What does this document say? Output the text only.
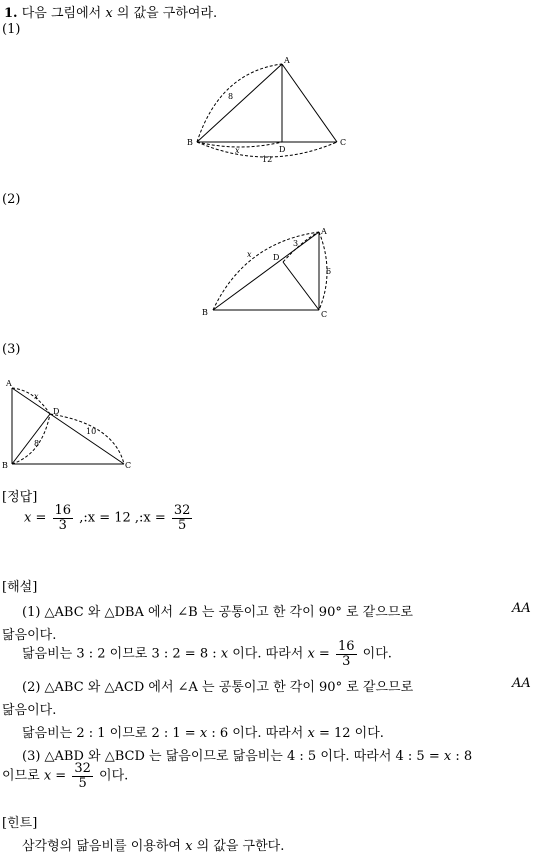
1. 다음 그림에서 x 의 값을 구하여라.
(1)
A
B	C
D
8
x
12
(2)
A
B	C
D
x
3
6
(3)
A
B	C
D
x
8
10
[정답]
$x = \frac{16}{3}$ ,:x = 12 ,:x = $\frac{32}{5}$
[해설]
(1) △ABC 와 △DBA 에서 ∠B 는 공통이고 한 각이 90° 로 같으므로	AA
닮음이다.
닮음비는 3 : 2 이므로 3 : 2 = 8 : x 이다. 따라서 $x = \frac{16}{3}$ 이다.
(2) △ABC 와 △ACD 에서 ∠A 는 공통이고 한 각이 90° 로 같으므로	AA
닮음이다.
닮음비는 2 : 1 이므로 2 : 1 = x : 6 이다. 따라서 x = 12 이다.
(3) △ABD 와 △BCD 는 닮음이므로 닮음비는 4 : 5 이다. 따라서 4 : 5 = x : 8
이므로 $x = \frac{32}{5}$ 이다.
[힌트]
삼각형의 닮음비를 이용하여 x 의 값을 구한다.
